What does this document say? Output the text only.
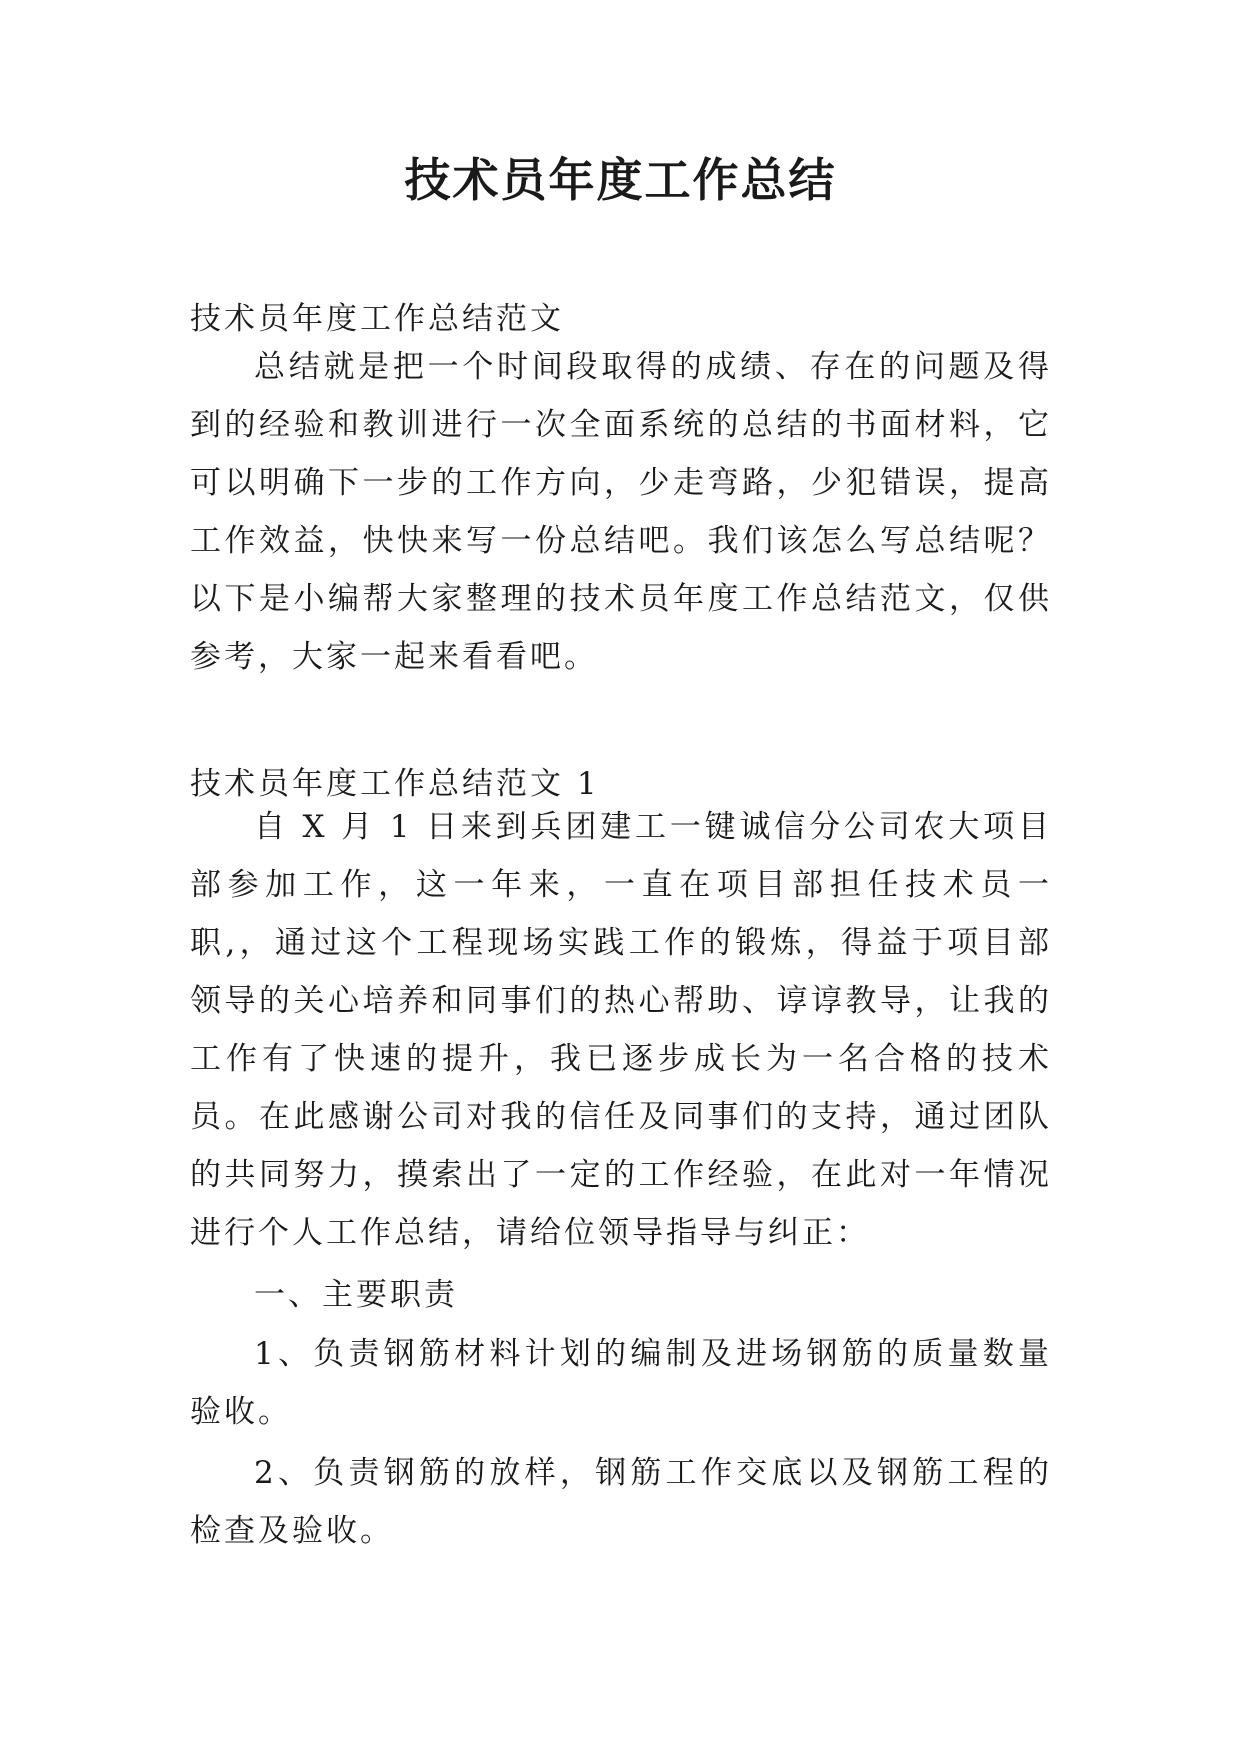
技术员年度工作总结

技术员年度工作总结范文

总结就是把一个时间段取得的成绩、存在的问题及得到的经验和教训进行一次全面系统的总结的书面材料，它可以明确下一步的工作方向，少走弯路，少犯错误，提高工作效益，快快来写一份总结吧。我们该怎么写总结呢？以下是小编帮大家整理的技术员年度工作总结范文，仅供参考，大家一起来看看吧。

技术员年度工作总结范文 1

自 X 月 1 日来到兵团建工一键诚信分公司农大项目部参加工作，这一年来，一直在项目部担任技术员一职,，通过这个工程现场实践工作的锻炼，得益于项目部领导的关心培养和同事们的热心帮助、谆谆教导，让我的工作有了快速的提升，我已逐步成长为一名合格的技术员。在此感谢公司对我的信任及同事们的支持，通过团队的共同努力，摸索出了一定的工作经验，在此对一年情况进行个人工作总结，请给位领导指导与纠正：

一、主要职责

1、负责钢筋材料计划的编制及进场钢筋的质量数量验收。

2、负责钢筋的放样，钢筋工作交底以及钢筋工程的检查及验收。
